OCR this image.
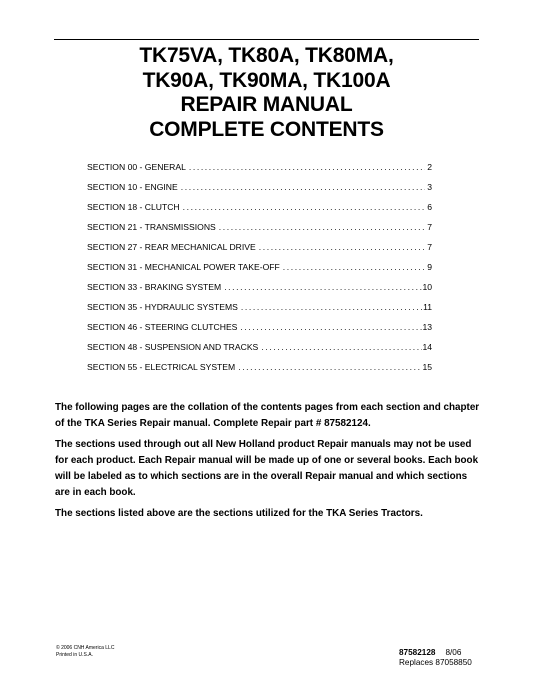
TK75VA, TK80A, TK80MA,
TK90A, TK90MA, TK100A
REPAIR MANUAL
COMPLETE CONTENTS
SECTION 00 - GENERAL .....	2
SECTION 10 - ENGINE .....	3
SECTION 18 - CLUTCH .....	6
SECTION 21 - TRANSMISSIONS .....	7
SECTION 27 - REAR MECHANICAL DRIVE .....	7
SECTION 31 - MECHANICAL POWER TAKE-OFF .....	9
SECTION 33 - BRAKING SYSTEM .....	10
SECTION 35 - HYDRAULIC SYSTEMS .....	11
SECTION 46 - STEERING CLUTCHES .....	13
SECTION 48 - SUSPENSION AND TRACKS .....	14
SECTION 55 - ELECTRICAL SYSTEM .....	15
The following pages are the collation of the contents pages from each section and chapter of the TKA Series Repair manual. Complete Repair part # 87582124.
The sections used through out all New Holland product Repair manuals may not be used for each product. Each Repair manual will be made up of one or several books. Each book will be labeled as to which sections are in the overall Repair manual and which sections are in each book.
The sections listed above are the sections utilized for the TKA Series Tractors.
© 2006 CNH America LLC
Printed in U.S.A.	87582128 8/06
Replaces 87058850
